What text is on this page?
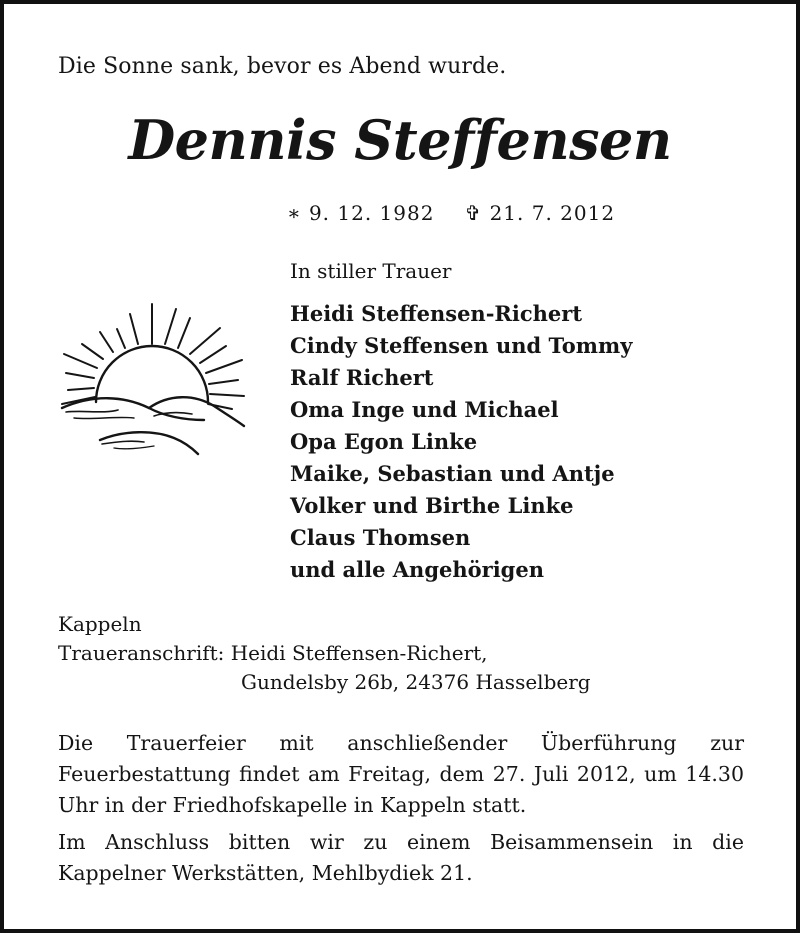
Die Sonne sank, bevor es Abend wurde.
Dennis Steffensen
∗ 9. 12. 1982 ✞ 21. 7. 2012
In stiller Trauer
Heidi Steffensen-Richert
Cindy Steffensen und Tommy
Ralf Richert
Oma Inge und Michael
Opa Egon Linke
Maike, Sebastian und Antje
Volker und Birthe Linke
Claus Thomsen
und alle Angehörigen
Kappeln
Traueranschrift: Heidi Steffensen-Richert,
Gundelsby 26b, 24376 Hasselberg
Die Trauerfeier mit anschließender Überführung zur Feuerbestattung findet am Freitag, dem 27. Juli 2012, um 14.30 Uhr in der Friedhofskapelle in Kappeln statt.
Im Anschluss bitten wir zu einem Beisammensein in die Kappelner Werkstätten, Mehlbydiek 21.
